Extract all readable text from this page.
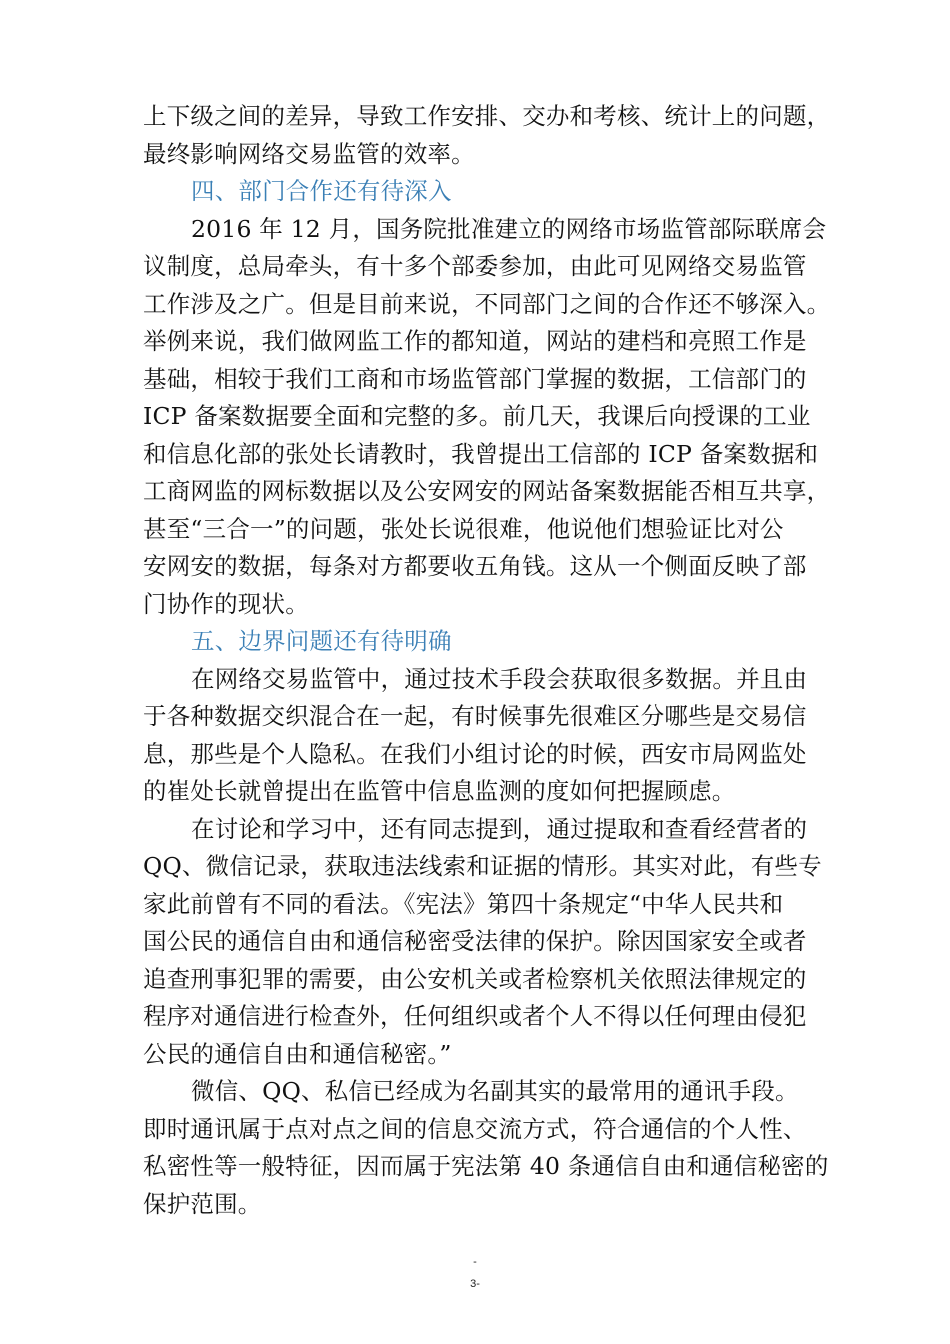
上下级之间的差异，导致工作安排、交办和考核、统计上的问题，
最终影响网络交易监管的效率。
四、部门合作还有待深入
2016 年 12 月，国务院批准建立的网络市场监管部际联席会
议制度，总局牵头，有十多个部委参加，由此可见网络交易监管
工作涉及之广。但是目前来说，不同部门之间的合作还不够深入。
举例来说，我们做网监工作的都知道，网站的建档和亮照工作是
基础，相较于我们工商和市场监管部门掌握的数据，工信部门的
ICP 备案数据要全面和完整的多。前几天，我课后向授课的工业
和信息化部的张处长请教时，我曾提出工信部的 ICP 备案数据和
工商网监的网标数据以及公安网安的网站备案数据能否相互共享，
甚至“三合一”的问题，张处长说很难，他说他们想验证比对公
安网安的数据，每条对方都要收五角钱。这从一个侧面反映了部
门协作的现状。
五、边界问题还有待明确
在网络交易监管中，通过技术手段会获取很多数据。并且由
于各种数据交织混合在一起，有时候事先很难区分哪些是交易信
息，那些是个人隐私。在我们小组讨论的时候，西安市局网监处
的崔处长就曾提出在监管中信息监测的度如何把握顾虑。
在讨论和学习中，还有同志提到，通过提取和查看经营者的
QQ、微信记录，获取违法线索和证据的情形。其实对此，有些专
家此前曾有不同的看法。《宪法》第四十条规定“中华人民共和
国公民的通信自由和通信秘密受法律的保护。除因国家安全或者
追查刑事犯罪的需要，由公安机关或者检察机关依照法律规定的
程序对通信进行检查外，任何组织或者个人不得以任何理由侵犯
公民的通信自由和通信秘密。”
微信、QQ、私信已经成为名副其实的最常用的通讯手段。
即时通讯属于点对点之间的信息交流方式，符合通信的个人性、
私密性等一般特征，因而属于宪法第 40 条通信自由和通信秘密的
保护范围。
-
3-
